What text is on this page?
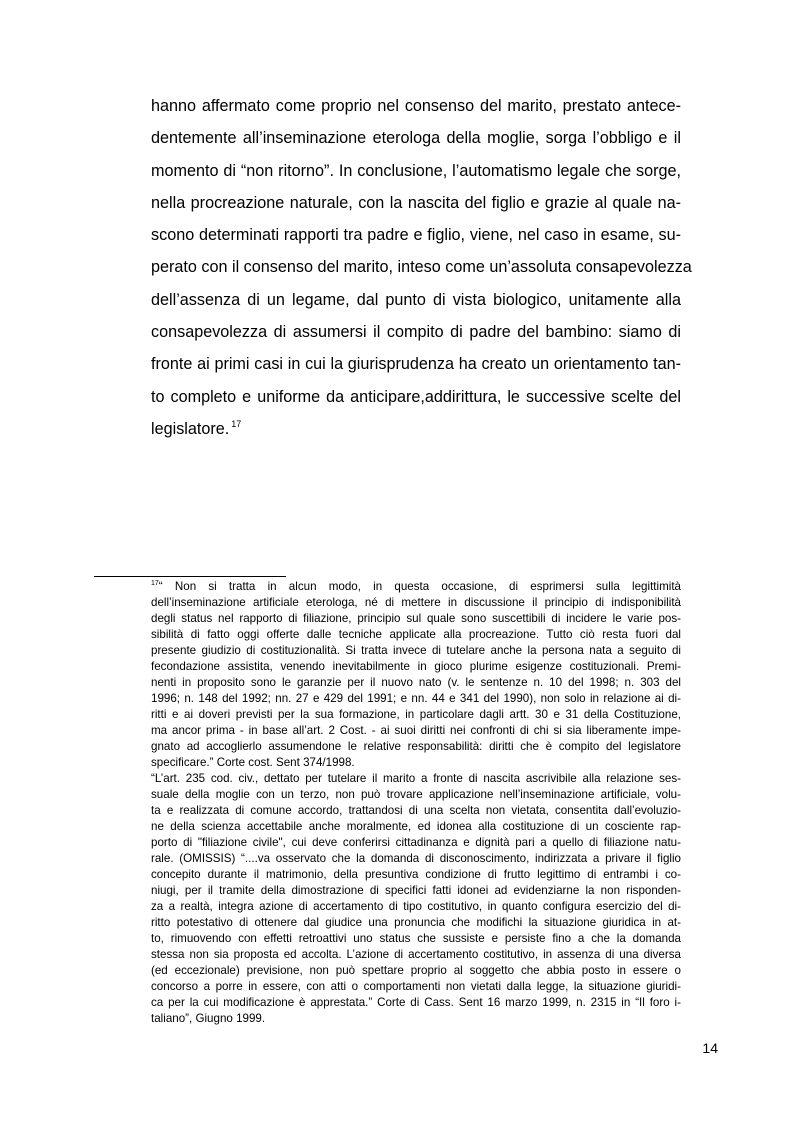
hanno affermato come proprio nel consenso del marito, prestato antece-
dentemente all’inseminazione eterologa della moglie, sorga l’obbligo e il
momento di “non ritorno”. In conclusione, l’automatismo legale che sorge,
nella procreazione naturale, con la nascita del figlio e grazie al quale na-
scono determinati rapporti tra padre e figlio, viene, nel caso in esame, su-
perato con il consenso del marito, inteso come un’assoluta consapevolezza
dell’assenza di un legame, dal punto di vista biologico, unitamente alla
consapevolezza di assumersi il compito di padre del bambino: siamo di
fronte ai primi casi in cui la giurisprudenza ha creato un orientamento tan-
to completo e uniforme da anticipare,addirittura, le successive scelte del
legislatore. $^{17}$
$^{17}$“ Non si tratta in alcun modo, in questa occasione, di esprimersi sulla legittimità
dell’inseminazione artificiale eterologa, né di mettere in discussione il principio di indisponibilità
degli status nel rapporto di filiazione, principio sul quale sono suscettibili di incidere le varie pos-
sibilità di fatto oggi offerte dalle tecniche applicate alla procreazione. Tutto ciò resta fuori dal
presente giudizio di costituzionalità. Si tratta invece di tutelare anche la persona nata a seguito di
fecondazione assistita, venendo inevitabilmente in gioco plurime esigenze costituzionali. Premi-
nenti in proposito sono le garanzie per il nuovo nato (v. le sentenze n. 10 del 1998; n. 303 del
1996; n. 148 del 1992; nn. 27 e 429 del 1991; e nn. 44 e 341 del 1990), non solo in relazione ai di-
ritti e ai doveri previsti per la sua formazione, in particolare dagli artt. 30 e 31 della Costituzione,
ma ancor prima - in base all’art. 2 Cost. - ai suoi diritti nei confronti di chi si sia liberamente impe-
gnato ad accoglierlo assumendone le relative responsabilità: diritti che è compito del legislatore
specificare.” Corte cost. Sent 374/1998.
“L’art. 235 cod. civ., dettato per tutelare il marito a fronte di nascita ascrivibile alla relazione ses-
suale della moglie con un terzo, non può trovare applicazione nell’inseminazione artificiale, volu-
ta e realizzata di comune accordo, trattandosi di una scelta non vietata, consentita dall’evoluzio-
ne della scienza accettabile anche moralmente, ed idonea alla costituzione di un cosciente rap-
porto di "filiazione civile", cui deve conferirsi cittadinanza e dignità pari a quello di filiazione natu-
rale. (OMISSIS) “....va osservato che la domanda di disconoscimento, indirizzata a privare il figlio
concepito durante il matrimonio, della presuntiva condizione di frutto legittimo di entrambi i co-
niugi, per il tramite della dimostrazione di specifici fatti idonei ad evidenziarne la non risponden-
za a realtà, integra azione di accertamento di tipo costitutivo, in quanto configura esercizio del di-
ritto potestativo di ottenere dal giudice una pronuncia che modifichi la situazione giuridica in at-
to, rimuovendo con effetti retroattivi uno status che sussiste e persiste fino a che la domanda
stessa non sia proposta ed accolta. L’azione di accertamento costitutivo, in assenza di una diversa
(ed eccezionale) previsione, non può spettare proprio al soggetto che abbia posto in essere o
concorso a porre in essere, con atti o comportamenti non vietati dalla legge, la situazione giuridi-
ca per la cui modificazione è apprestata.” Corte di Cass. Sent 16 marzo 1999, n. 2315 in “Il foro i-
taliano”, Giugno 1999.
14
